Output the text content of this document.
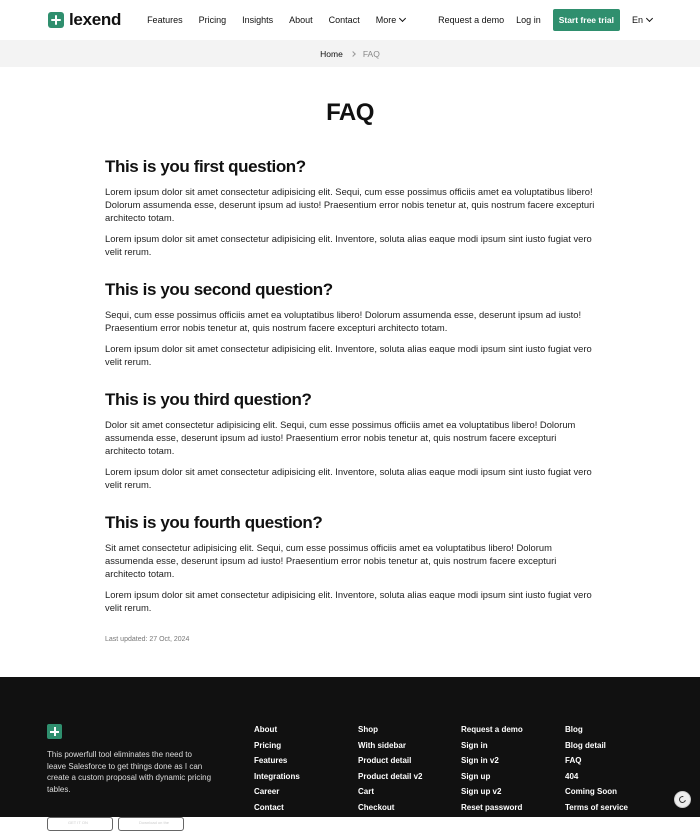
lexend	Features Pricing Insights About Contact More	Request a demo Log in	Start free trial	En
Home FAQ
FAQ
This is you first question?

Lorem ipsum dolor sit amet consectetur adipisicing elit. Sequi, cum esse possimus officiis amet ea voluptatibus libero! Dolorum assumenda esse, deserunt ipsum ad iusto! Praesentium error nobis tenetur at, quis nostrum facere excepturi architecto totam.

Lorem ipsum dolor sit amet consectetur adipisicing elit. Inventore, soluta alias eaque modi ipsum sint iusto fugiat vero velit rerum.

This is you second question?

Sequi, cum esse possimus officiis amet ea voluptatibus libero! Dolorum assumenda esse, deserunt ipsum ad iusto! Praesentium error nobis tenetur at, quis nostrum facere excepturi architecto totam.

Lorem ipsum dolor sit amet consectetur adipisicing elit. Inventore, soluta alias eaque modi ipsum sint iusto fugiat vero velit rerum.

This is you third question?

Dolor sit amet consectetur adipisicing elit. Sequi, cum esse possimus officiis amet ea voluptatibus libero! Dolorum assumenda esse, deserunt ipsum ad iusto! Praesentium error nobis tenetur at, quis nostrum facere excepturi architecto totam.

Lorem ipsum dolor sit amet consectetur adipisicing elit. Inventore, soluta alias eaque modi ipsum sint iusto fugiat vero velit rerum.

This is you fourth question?

Sit amet consectetur adipisicing elit. Sequi, cum esse possimus officiis amet ea voluptatibus libero! Dolorum assumenda esse, deserunt ipsum ad iusto! Praesentium error nobis tenetur at, quis nostrum facere excepturi architecto totam.

Lorem ipsum dolor sit amet consectetur adipisicing elit. Inventore, soluta alias eaque modi ipsum sint iusto fugiat vero velit rerum.

Last updated: 27 Oct, 2024

This powerfull tool eliminates the need to leave Salesforce to get things done as I can create a custom proposal with dynamic pricing tables.

▶ GET IT ON
▶	Download on the
About
Pricing
Features
Integrations
Career
Contact
Shop
With sidebar
Product detail
Product detail v2
Cart
Checkout
Request a demo
Sign in
Sign in v2
Sign up
Sign up v2
Reset password
Blog
Blog detail
FAQ
404
Coming Soon
Terms of service
